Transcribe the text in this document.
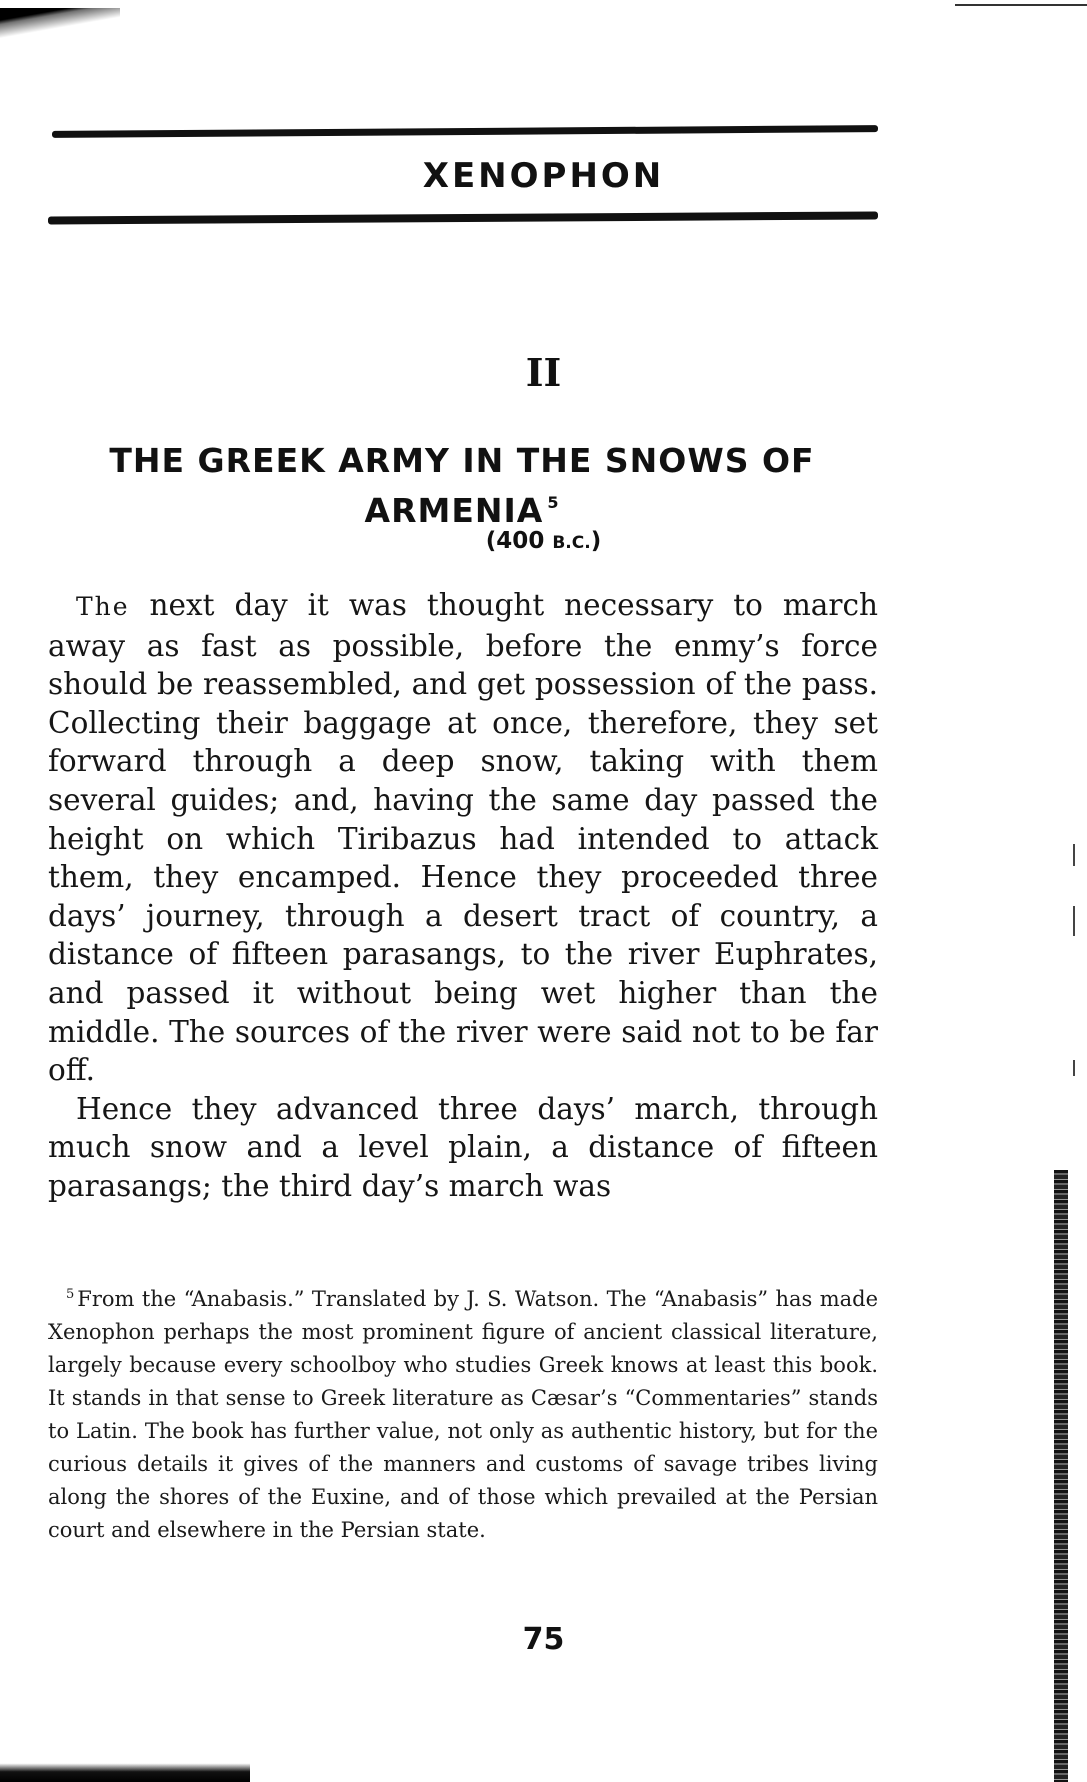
XENOPHON
II
THE GREEK ARMY IN THE SNOWS OF ARMENIA $^5$
(400 B.C.)

The next day it was thought necessary to march away as fast as possible, before the enmy’s force should be reassembled, and get possession of the pass. Collecting their baggage at once, therefore, they set forward through a deep snow, taking with them several guides; and, having the same day passed the height on which Tiribazus had intended to attack them, they encamped. Hence they proceeded three days’ journey, through a desert tract of country, a distance of fifteen parasangs, to the river Euphrates, and passed it without being wet higher than the middle. The sources of the river were said not to be far off.

Hence they advanced three days’ march, through much snow and a level plain, a distance of fifteen parasangs; the third day’s march was

$^5$ From the “Anabasis.” Translated by J. S. Watson. The “Anabasis” has made Xenophon perhaps the most prominent figure of ancient classical literature, largely because every schoolboy who studies Greek knows at least this book. It stands in that sense to Greek literature as Cæsar’s “Commentaries” stands to Latin. The book has further value, not only as authentic history, but for the curious details it gives of the manners and customs of savage tribes living along the shores of the Euxine, and of those which prevailed at the Persian court and elsewhere in the Persian state.

75
